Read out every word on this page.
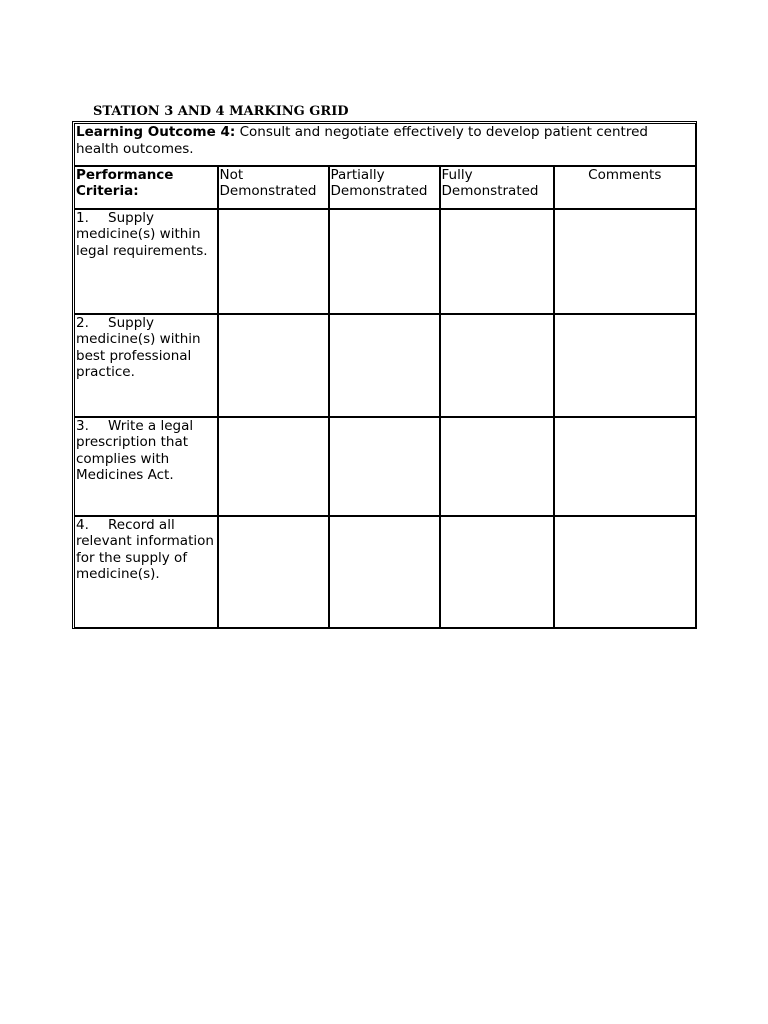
STATION 3 AND 4 MARKING GRID
Learning Outcome 4: Consult and negotiate effectively to develop patient centred health outcomes.				
Performance Criteria:	Not Demonstrated	Partially Demonstrated	Fully Demonstrated	Comments
1. Supply medicine(s) within legal requirements.				
2. Supply medicine(s) within best professional practice.				
3. Write a legal prescription that complies with Medicines Act.				
4. Record all relevant information for the supply of medicine(s).				
